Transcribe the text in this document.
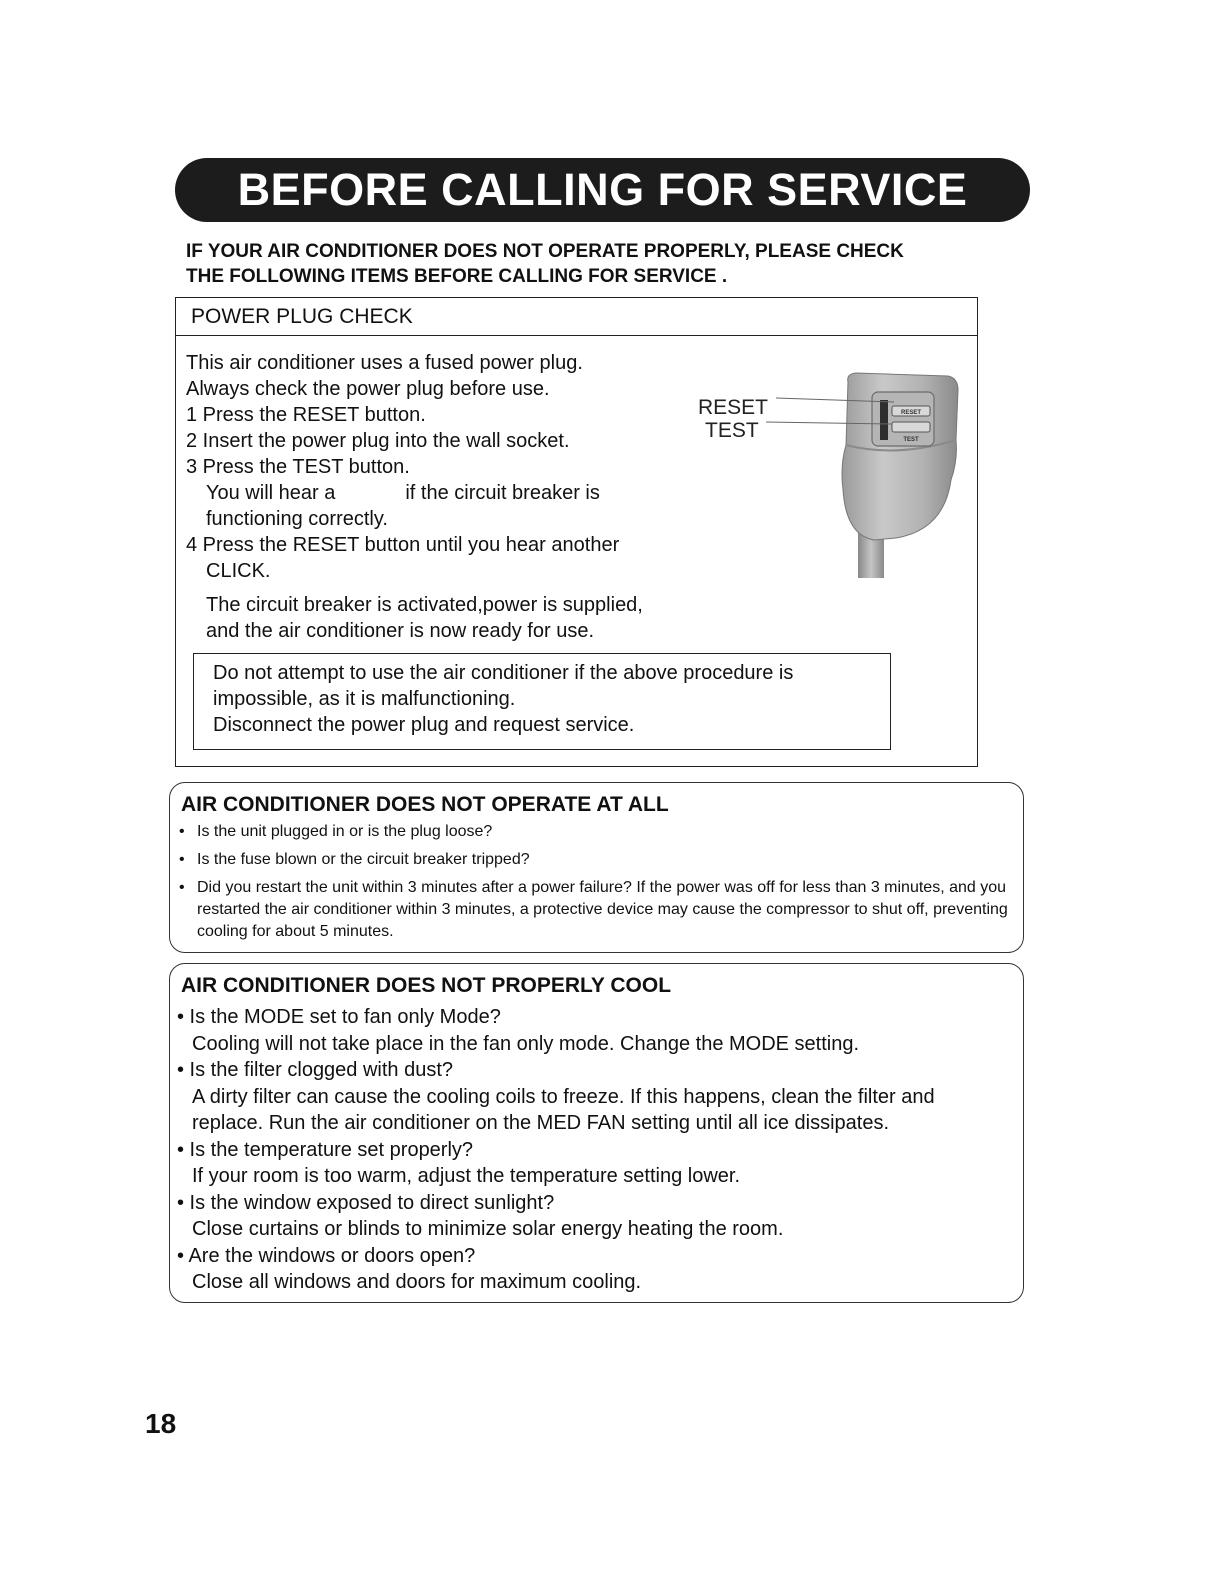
BEFORE CALLING FOR SERVICE
IF YOUR AIR CONDITIONER DOES NOT OPERATE PROPERLY, PLEASE CHECK
THE FOLLOWING ITEMS BEFORE CALLING FOR SERVICE .
POWER PLUG CHECK
This air conditioner uses a fused power plug.
Always check the power plug before use.
1 Press the RESET button.
2 Insert the power plug into the wall socket.
3 Press the TEST button.
You will hear a	if the circuit breaker is
functioning correctly.
4 Press the RESET button until you hear another
CLICK.
The circuit breaker is activated,power is supplied,
and the air conditioner is now ready for use.
RESET
TEST
RESET
TEST
Do not attempt to use the air conditioner if the above procedure is
impossible, as it is malfunctioning.
Disconnect the power plug and request service.
AIR CONDITIONER DOES NOT OPERATE AT ALL
• Is the unit plugged in or is the plug loose?
• Is the fuse blown or the circuit breaker tripped?
• Did you restart the unit within 3 minutes after a power failure? If the power was off for less than 3 minutes, and you restarted the air conditioner within 3 minutes, a protective device may cause the compressor to shut off, preventing cooling for about 5 minutes.
AIR CONDITIONER DOES NOT PROPERLY COOL
• Is the MODE set to fan only Mode?
Cooling will not take place in the fan only mode. Change the MODE setting.
• Is the filter clogged with dust?
A dirty filter can cause the cooling coils to freeze. If this happens, clean the filter and
replace. Run the air conditioner on the MED FAN setting until all ice dissipates.
• Is the temperature set properly?
If your room is too warm, adjust the temperature setting lower.
• Is the window exposed to direct sunlight?
Close curtains or blinds to minimize solar energy heating the room.
• Are the windows or doors open?
Close all windows and doors for maximum cooling.
18
